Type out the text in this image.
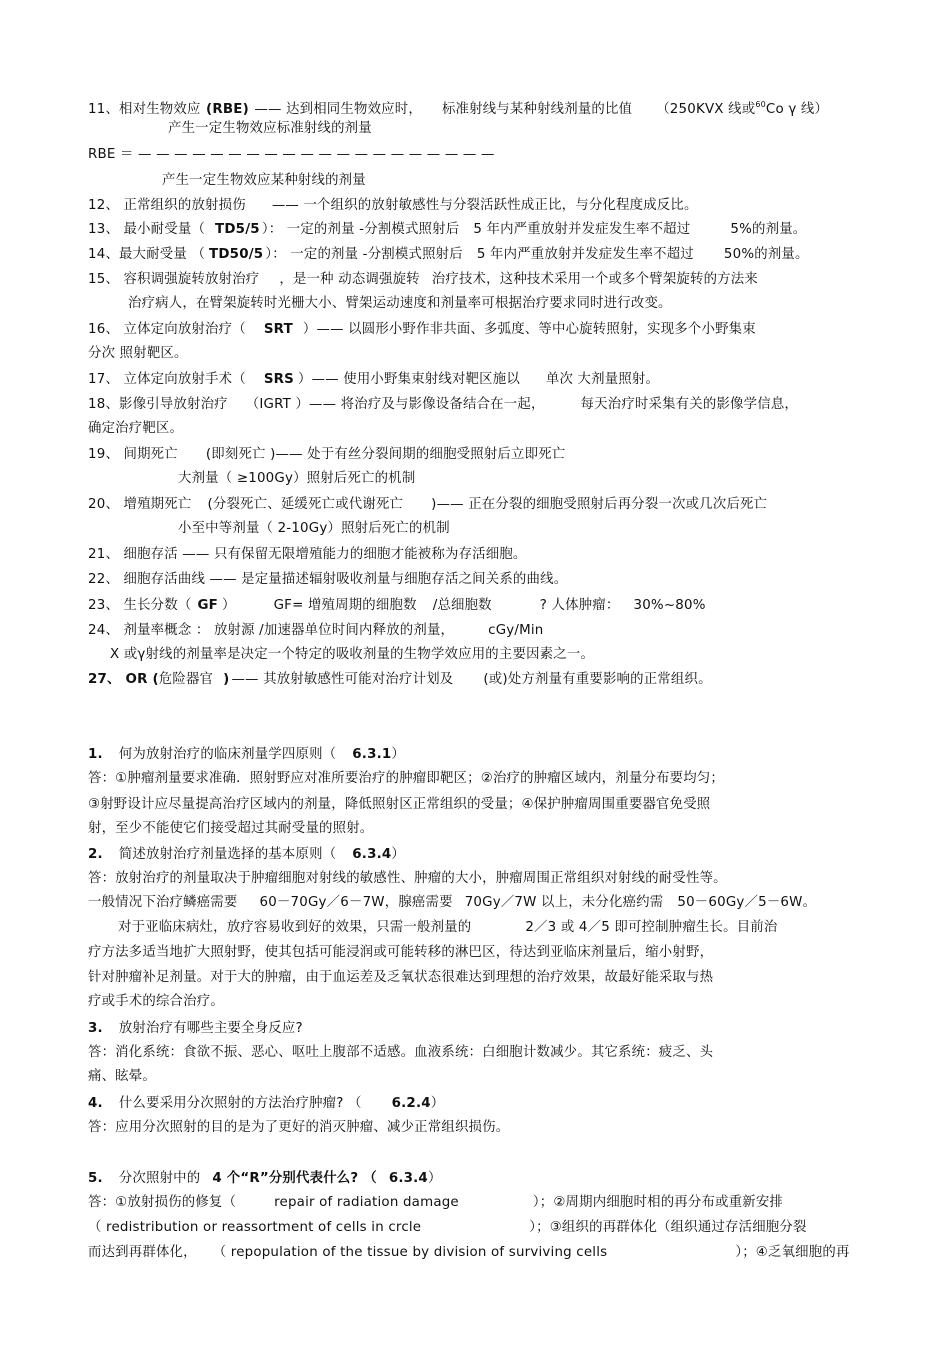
11、相对生物效应 (RBE) —— 达到相同生物效应时， 标准射线与某种射线剂量的比值 （250KVX 线或$^{60}$Co γ 线）
产生一定生物效应标准射线的剂量
RBE ＝ — — — — — — — — — — — — — — — — — — — —
产生一定生物效应某种射线的剂量
12、 正常组织的放射损伤 —— 一个组织的放射敏感性与分裂活跃性成正比，与分化程度成反比。
13、 最小耐受量（ TD5/5 ）： 一定的剂量 -分割模式照射后 5 年内严重放射并发症发生率不超过	5%的剂量。
14、最大耐受量 （ TD50/5 ）： 一定的剂量 -分割模式照射后 5 年内严重放射并发症发生率不超过 50%的剂量。
15、 容积调强旋转放射治疗 ，是一种 动态调强旋转 治疗技术，这种技术采用一个或多个臂架旋转的方法来
治疗病人，在臂架旋转时光栅大小、臂架运动速度和剂量率可根据治疗要求同时进行改变。
16、 立体定向放射治疗（ SRT ）—— 以圆形小野作非共面、多弧度、等中心旋转照射，实现多个小野集束
分次 照射靶区。
17、 立体定向放射手术（ SRS ）—— 使用小野集束射线对靶区施以 单次 大剂量照射。
18、影像引导放射治疗 （IGRT ）—— 将治疗及与影像设备结合在一起，	每天治疗时采集有关的影像学信息，
确定治疗靶区。
19、 间期死亡 (即刻死亡 )—— 处于有丝分裂间期的细胞受照射后立即死亡
大剂量（ ≥100Gy）照射后死亡的机制
20、 增殖期死亡 (分裂死亡、延缓死亡或代谢死亡 )—— 正在分裂的细胞受照射后再分裂一次或几次后死亡
小至中等剂量（ 2-10Gy）照射后死亡的机制
21、 细胞存活 —— 只有保留无限增殖能力的细胞才能被称为存活细胞。
22、 细胞存活曲线 —— 是定量描述辐射吸收剂量与细胞存活之间关系的曲线。
23、 生长分数（ GF ）	GF= 增殖周期的细胞数 /总细胞数	? 人体肿瘤： 30%~80%
24、 剂量率概念 ： 放射源 /加速器单位时间内释放的剂量，	cGy/Min
X 或γ射线的剂量率是决定一个特定的吸收剂量的生物学效应用的主要因素之一。
27、 OR (危险器官 ) —— 其放射敏感性可能对治疗计划及 (或)处方剂量有重要影响的正常组织。
1. 何为放射治疗的临床剂量学四原则（ 6.3.1）
答：①肿瘤剂量要求准确．照射野应对准所要治疗的肿瘤即靶区；②治疗的肿瘤区域内，剂量分布要均匀；
③射野设计应尽量提高治疗区域内的剂量，降低照射区正常组织的受量；④保护肿瘤周围重要器官免受照
射，至少不能使它们接受超过其耐受量的照射。
2. 简述放射治疗剂量选择的基本原则（ 6.3.4）
答：放射治疗的剂量取决于肿瘤细胞对射线的敏感性、肿瘤的大小，肿瘤周围正常组织对射线的耐受性等。
一般情况下治疗鳞癌需要 60－70Gy／6－7W，腺癌需要 70Gy／7W 以上，未分化癌约需 50－60Gy／5－6W。
对于亚临床病灶，放疗容易收到好的效果，只需一般剂量的	2／3 或 4／5 即可控制肿瘤生长。目前治
疗方法多适当地扩大照射野，使其包括可能浸润或可能转移的淋巴区，待达到亚临床剂量后，缩小射野，
针对肿瘤补足剂量。对于大的肿瘤，由于血运差及乏氧状态很难达到理想的治疗效果，故最好能采取与热
疗或手术的综合治疗。
3. 放射治疗有哪些主要全身反应?
答：消化系统：食欲不振、恶心、呕吐上腹部不适感。血液系统：白细胞计数减少。其它系统：疲乏、头
痛、眩晕。
4. 什么要采用分次照射的方法治疗肿瘤? （ 6.2.4）
答：应用分次照射的目的是为了更好的消灭肿瘤、减少正常组织损伤。
5. 分次照射中的 4 个“R”分别代表什么? （ 6.3.4）
答：①放射损伤的修复（	repair of radiation damage	）；②周期内细胞时相的再分布或重新安排
（ redistribution or reassortment of cells in crcle	）；③组织的再群体化（组织通过存活细胞分裂
而达到再群体化， （ repopulation of the tissue by division of surviving cells	）；④乏氧细胞的再
